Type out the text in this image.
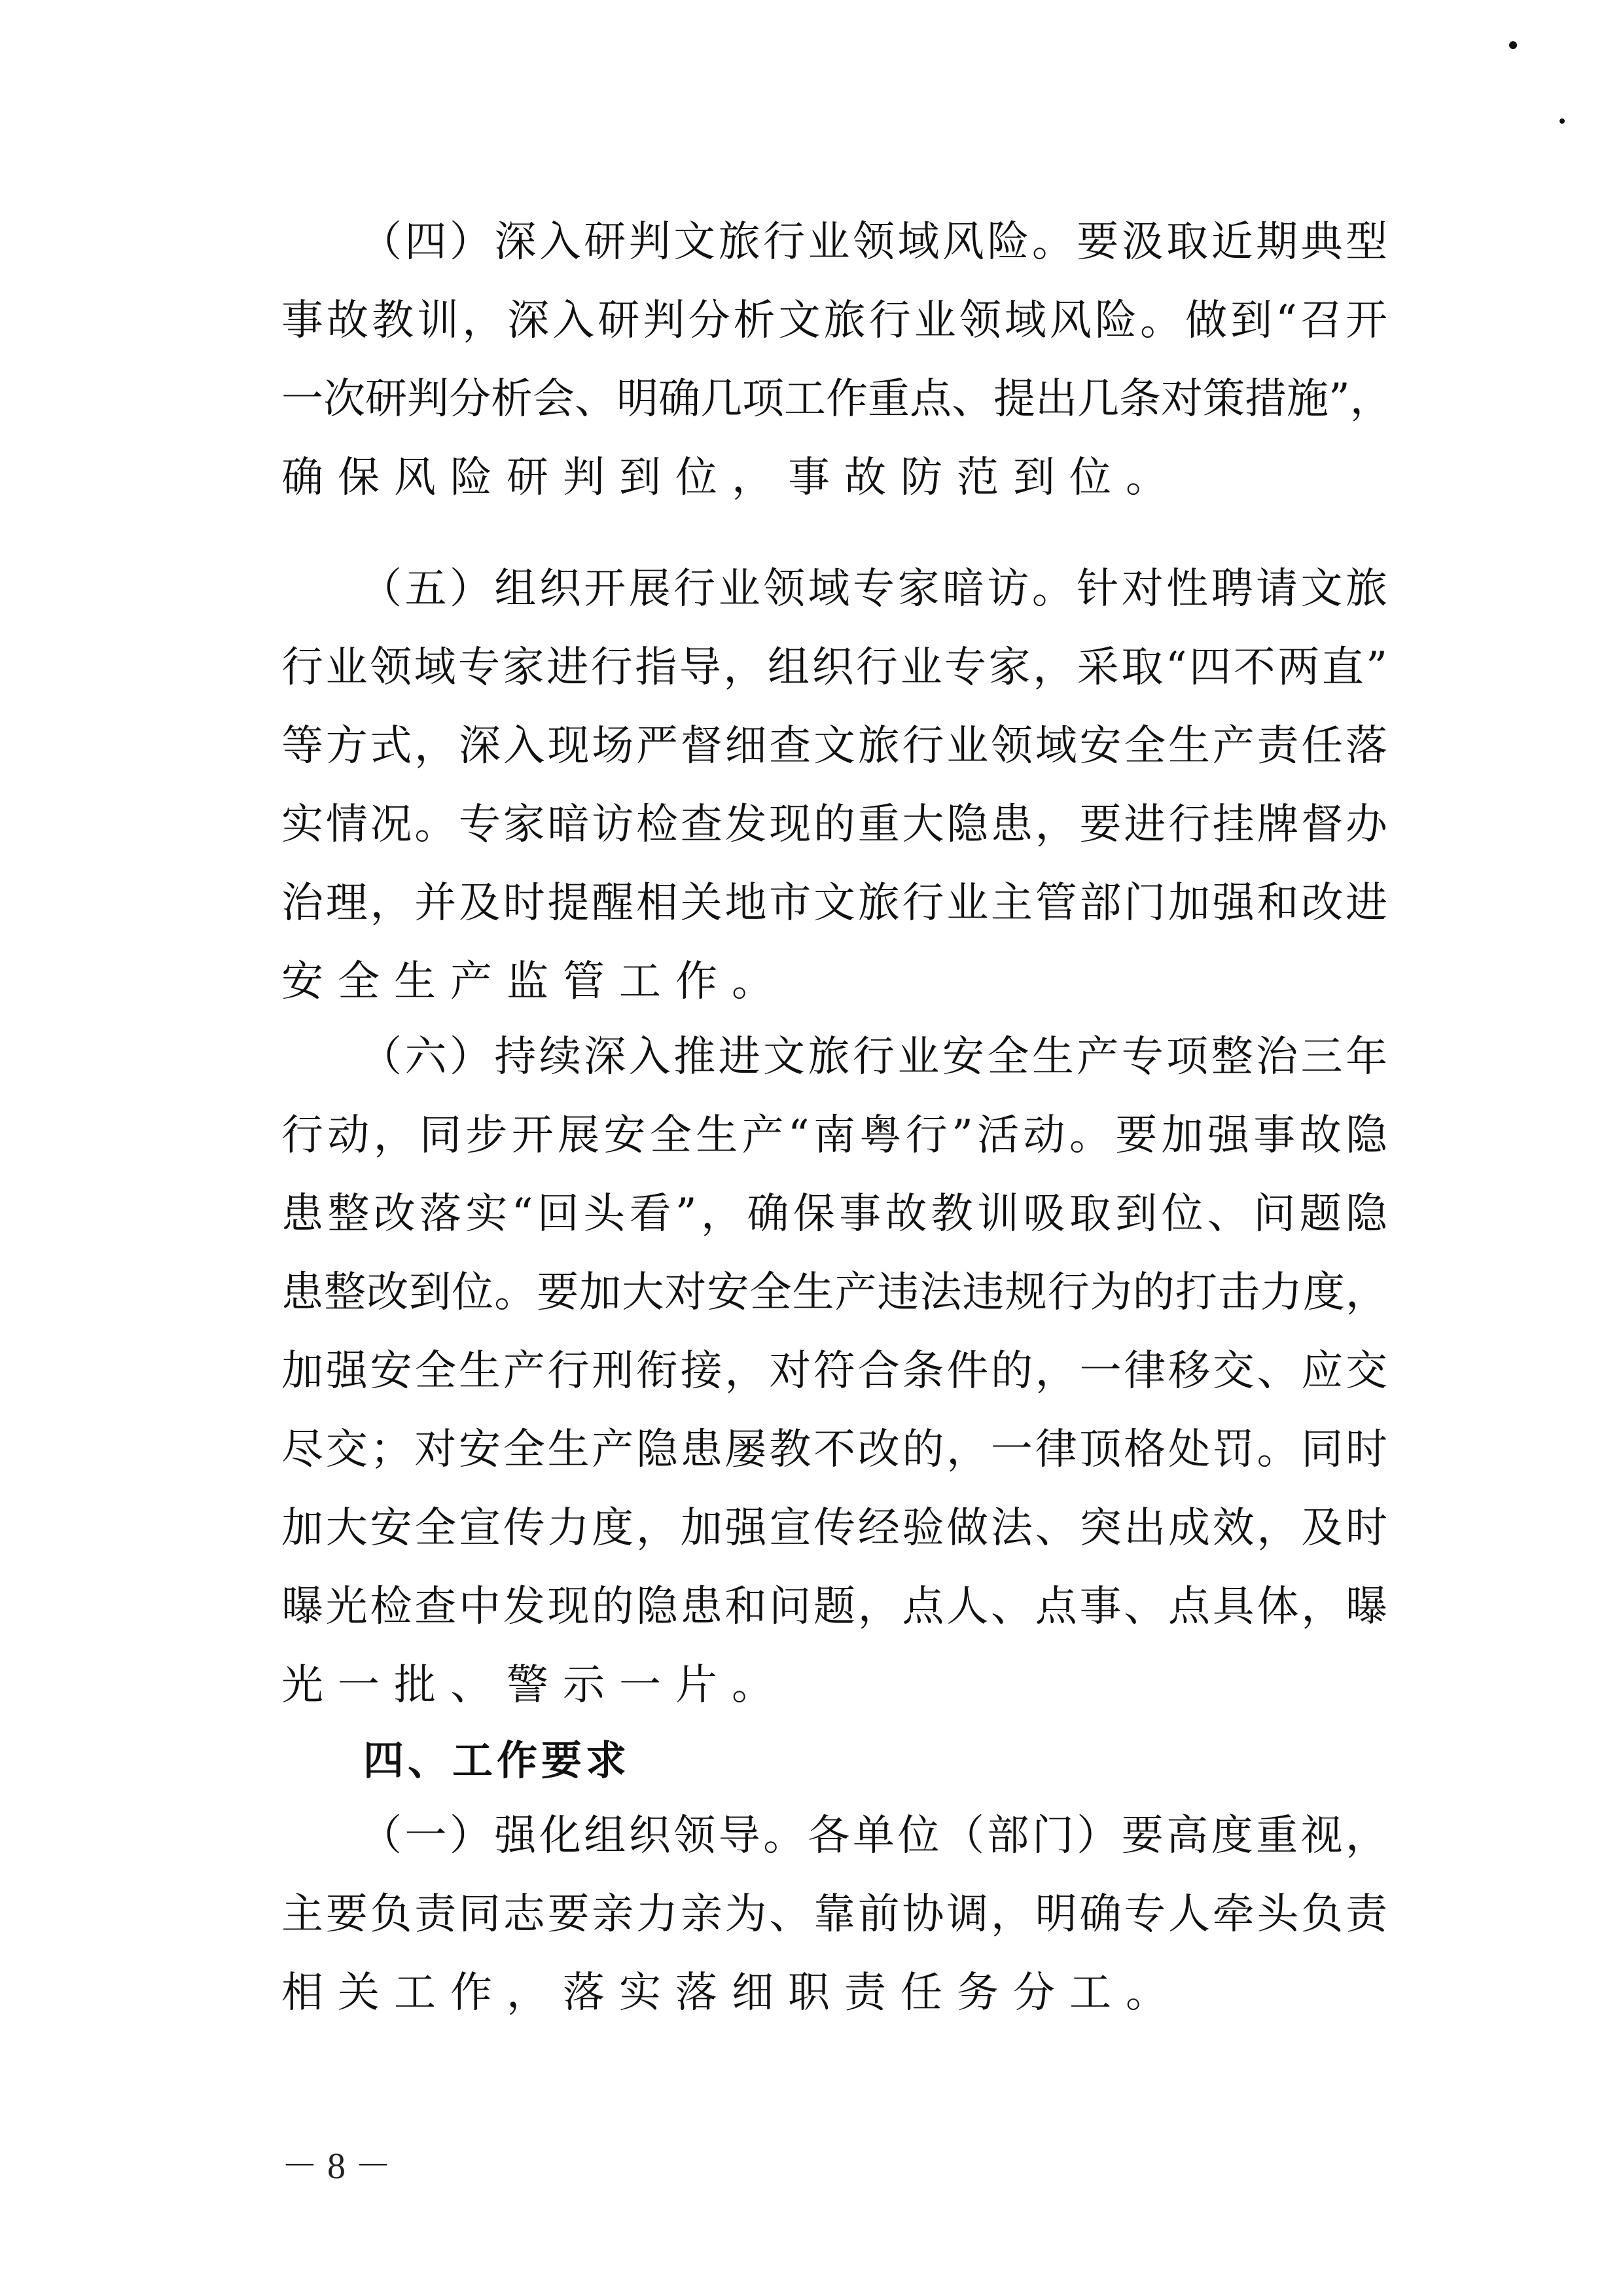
（四）深入研判文旅行业领域风险。要汲取近期典型
事故教训，深入研判分析文旅行业领域风险。做到“召开
一次研判分析会、明确几项工作重点、提出几条对策措施”，
确保风险研判到位，事故防范到位。
（五）组织开展行业领域专家暗访。针对性聘请文旅
行业领域专家进行指导，组织行业专家，采取“四不两直”
等方式，深入现场严督细查文旅行业领域安全生产责任落
实情况。专家暗访检查发现的重大隐患，要进行挂牌督办
治理，并及时提醒相关地市文旅行业主管部门加强和改进
安全生产监管工作。
（六）持续深入推进文旅行业安全生产专项整治三年
行动，同步开展安全生产“南粤行”活动。要加强事故隐
患整改落实“回头看”，确保事故教训吸取到位、问题隐
患整改到位。要加大对安全生产违法违规行为的打击力度，
加强安全生产行刑衔接，对符合条件的，一律移交、应交
尽交；对安全生产隐患屡教不改的，一律顶格处罚。同时
加大安全宣传力度，加强宣传经验做法、突出成效，及时
曝光检查中发现的隐患和问题，点人、点事、点具体，曝
光一批、警示一片。
四、工作要求
（一）强化组织领导。各单位（部门）要高度重视，
主要负责同志要亲力亲为、靠前协调，明确专人牵头负责
相关工作，落实落细职责任务分工。
－ 8 －
